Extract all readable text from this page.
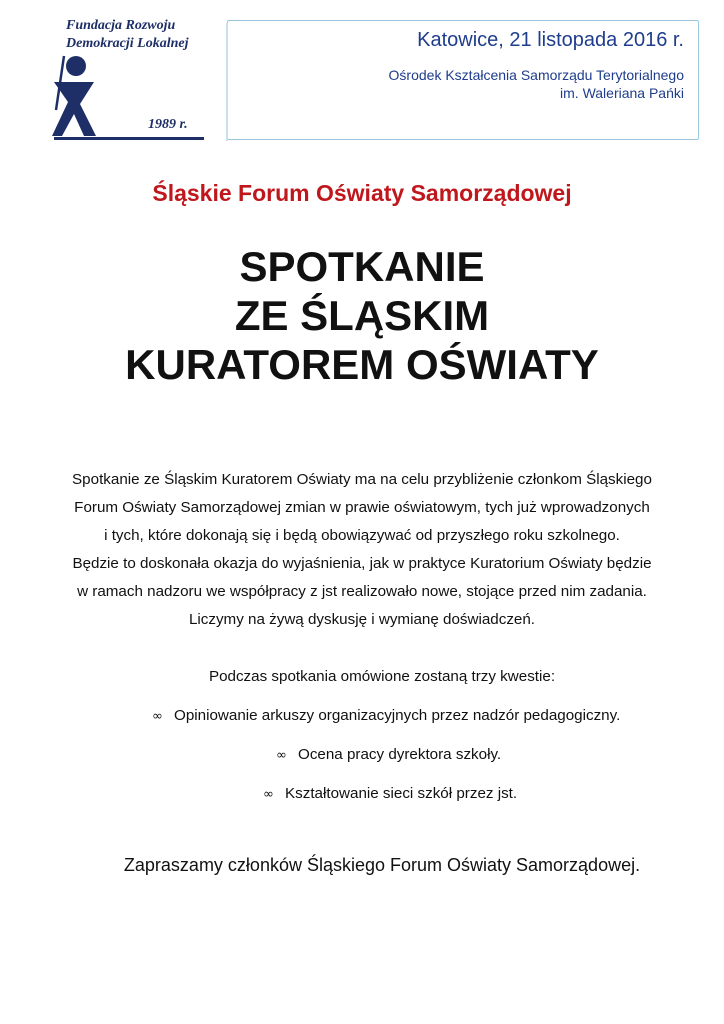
Fundacja Rozwoju
Demokracji Lokalnej
1989 r.
Katowice, 21 listopada 2016 r.
Ośrodek Kształcenia Samorządu Terytorialnego
im. Waleriana Pańki
Śląskie Forum Oświaty Samorządowej
SPOTKANIE
ZE ŚLĄSKIM
KURATOREM OŚWIATY
Spotkanie ze Śląskim Kuratorem Oświaty ma na celu przybliżenie członkom Śląskiego
Forum Oświaty Samorządowej zmian w prawie oświatowym, tych już wprowadzonych
i tych, które dokonają się i będą obowiązywać od przyszłego roku szkolnego.
Będzie to doskonała okazja do wyjaśnienia, jak w praktyce Kuratorium Oświaty będzie
w ramach nadzoru we współpracy z jst realizowało nowe, stojące przed nim zadania.
Liczymy na żywą dyskusję i wymianę doświadczeń.
Podczas spotkania omówione zostaną trzy kwestie:
∞ Opiniowanie arkuszy organizacyjnych przez nadzór pedagogiczny.
∞ Ocena pracy dyrektora szkoły.
∞ Kształtowanie sieci szkół przez jst.
Zapraszamy członków Śląskiego Forum Oświaty Samorządowej.
